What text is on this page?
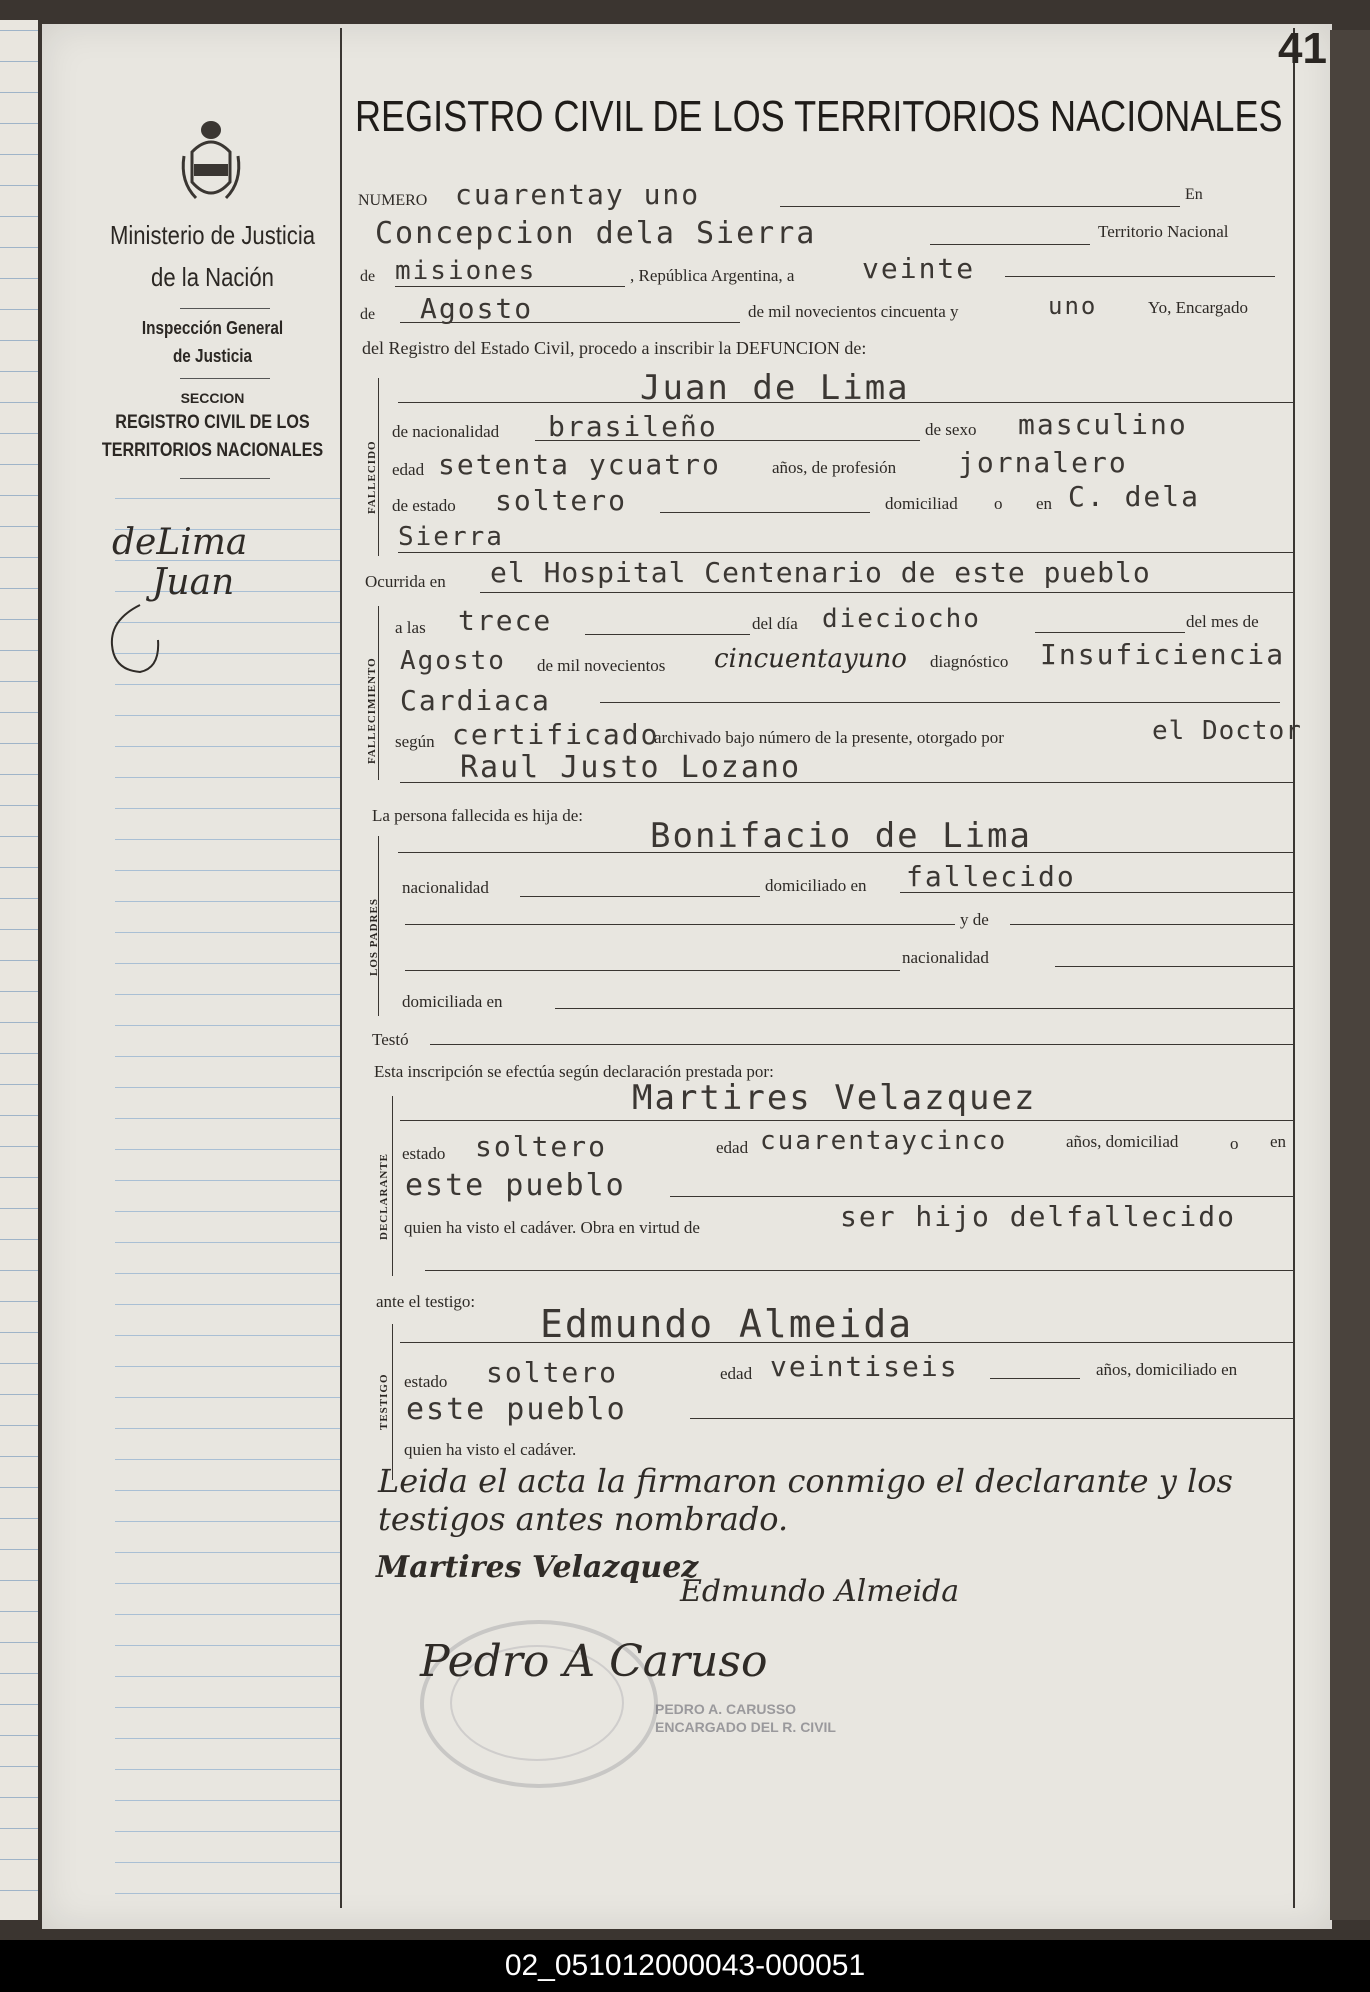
41
REGISTRO CIVIL DE LOS TERRITORIOS NACIONALES
Ministerio de Justicia
de la Nación
Inspección General
de Justicia
SECCION
REGISTRO CIVIL DE LOS
TERRITORIOS NACIONALES
deLima
Juan
NUMERO cuarentay uno	En
Concepcion dela Sierra	Territorio Nacional
de misiones	, República Argentina, a veinte
de Agosto	de mil novecientos cincuenta y	uno	Yo, Encargado
del Registro del Estado Civil, procedo a inscribir la DEFUNCION de:
FALLECIDO
Juan de Lima
de nacionalidad brasileño	de sexo masculino
edad setenta ycuatro	años, de profesión jornalero
de estado soltero	domiciliad o en C. dela
Sierra
Ocurrida en el Hospital Centenario de este pueblo
FALLECIMIENTO
a las trece	del día dieciocho	del mes de
Agosto de mil novecientos cincuentayuno diagnóstico Insuficiencia
Cardiaca
según certificado
archivado bajo número de la presente, otorgado por	el Doctor
Raul Justo Lozano
La persona fallecida es hija de:
LOS PADRES
Bonifacio de Lima
nacionalidad	domiciliado en fallecido
y de
nacionalidad
domiciliada en
Testó
Esta inscripción se efectúa según declaración prestada por:
DECLARANTE
Martires Velazquez
estado soltero	edad cuarentaycinco	años, domiciliad	o en
este pueblo
quien ha visto el cadáver. Obra en virtud de	ser hijo delfallecido
ante el testigo:
TESTIGO
Edmundo Almeida
estado soltero	edad veintiseis	años, domiciliado en
este pueblo
quien ha visto el cadáver.
Leida el acta la firmaron conmigo el declarante y los
testigos antes nombrado.
Martires Velazquez
Edmundo Almeida
Pedro A Caruso
PEDRO A. CARUSSO
ENCARGADO DEL R. CIVIL
02_051012000043-000051
